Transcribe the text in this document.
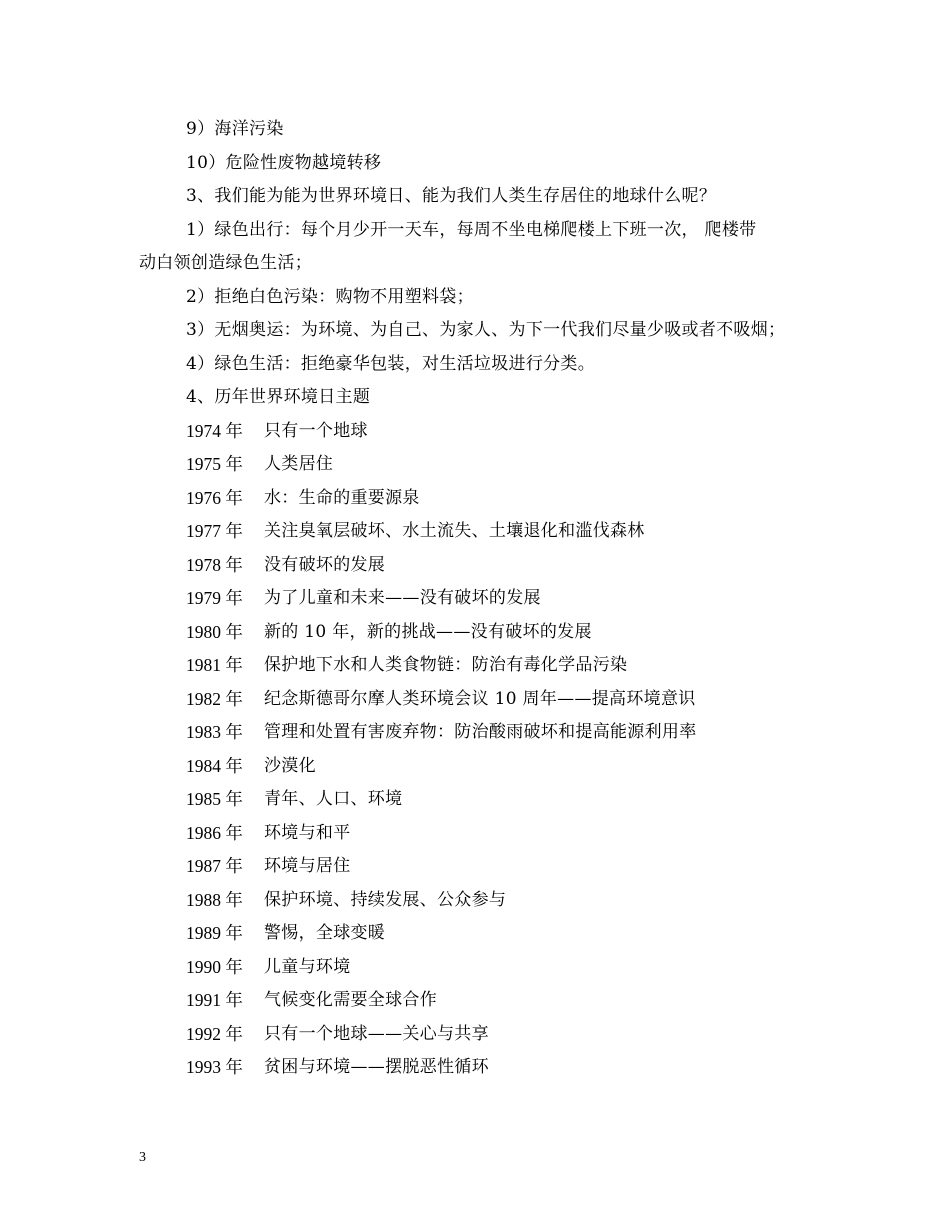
9）海洋污染
10）危险性废物越境转移
3、我们能为能为世界环境日、能为我们人类生存居住的地球什么呢？
1）绿色出行：每个月少开一天车，每周不坐电梯爬楼上下班一次， 爬楼带
动白领创造绿色生活；
2）拒绝白色污染：购物不用塑料袋；
3）无烟奥运：为环境、为自己、为家人、为下一代我们尽量少吸或者不吸烟；
4）绿色生活：拒绝豪华包装，对生活垃圾进行分类。
4、历年世界环境日主题
1974 年	只有一个地球
1975 年	人类居住
1976 年	水：生命的重要源泉
1977 年	关注臭氧层破坏、水土流失、土壤退化和滥伐森林
1978 年	没有破坏的发展
1979 年	为了儿童和未来——没有破坏的发展
1980 年	新的 10 年，新的挑战——没有破坏的发展
1981 年	保护地下水和人类食物链：防治有毒化学品污染
1982 年	纪念斯德哥尔摩人类环境会议 10 周年——提高环境意识
1983 年	管理和处置有害废弃物：防治酸雨破坏和提高能源利用率
1984 年	沙漠化
1985 年	青年、人口、环境
1986 年	环境与和平
1987 年	环境与居住
1988 年	保护环境、持续发展、公众参与
1989 年	警惕，全球变暖
1990 年	儿童与环境
1991 年	气候变化需要全球合作
1992 年	只有一个地球——关心与共享
1993 年	贫困与环境——摆脱恶性循环
3
